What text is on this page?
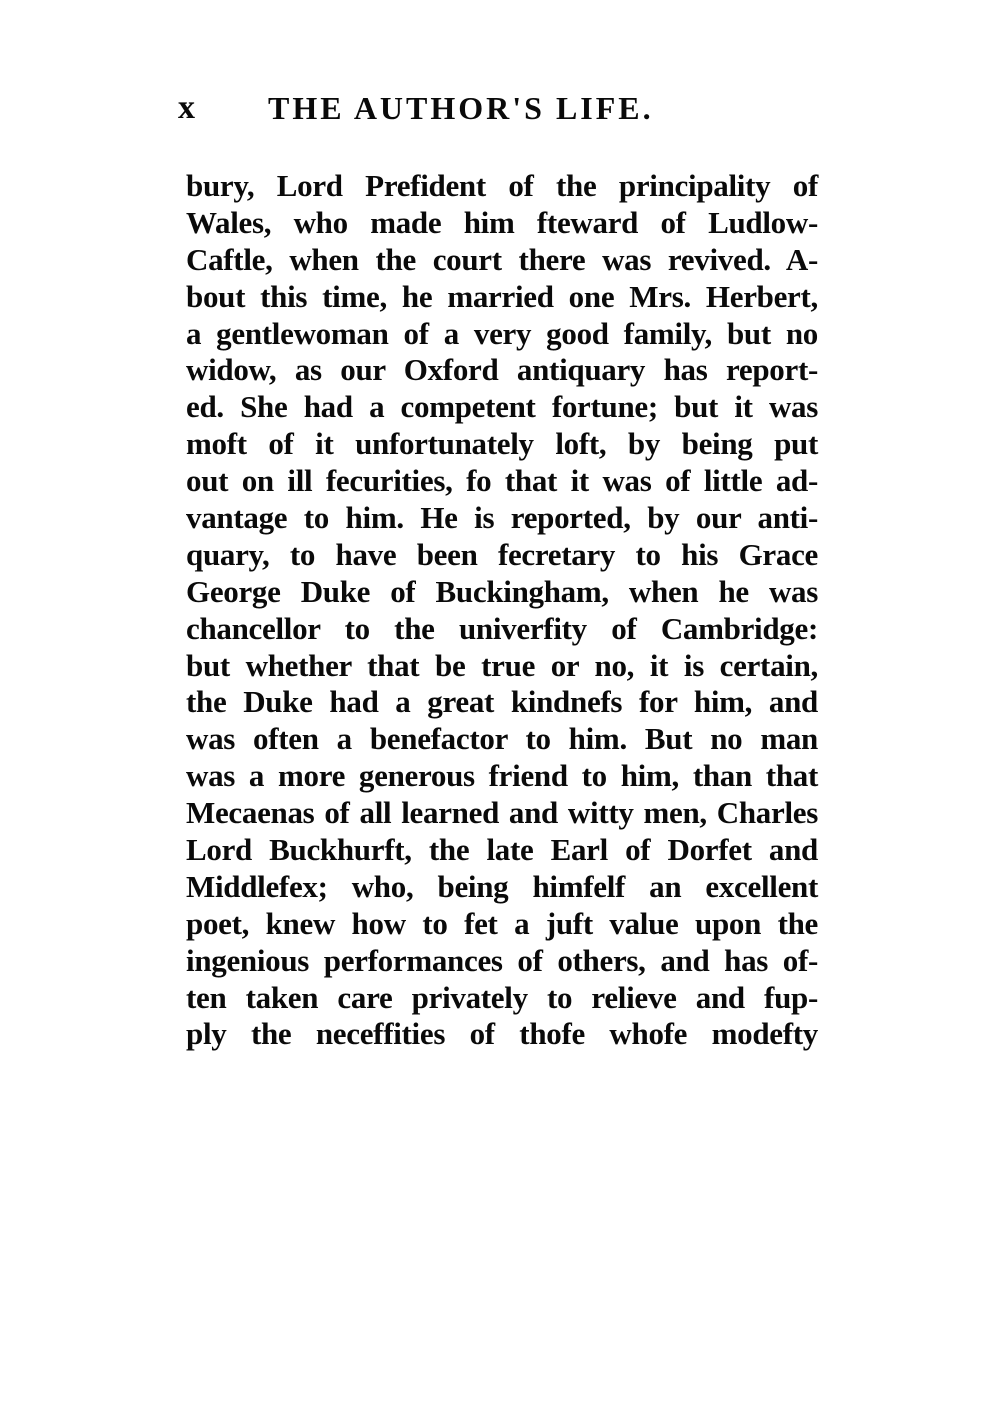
x THE AUTHOR'S LIFE.
bury, Lord Prefident of the principality of
Wales, who made him fteward of Ludlow-
Caftle, when the court there was revived. A-
bout this time, he married one Mrs. Herbert,
a gentlewoman of a very good family, but no
widow, as our Oxford antiquary has report-
ed. She had a competent fortune; but it was
moft of it unfortunately loft, by being put
out on ill fecurities, fo that it was of little ad-
vantage to him. He is reported, by our anti-
quary, to have been fecretary to his Grace
George Duke of Buckingham, when he was
chancellor to the univerfity of Cambridge:
but whether that be true or no, it is certain,
the Duke had a great kindnefs for him, and
was often a benefactor to him. But no man
was a more generous friend to him, than that
Mecaenas of all learned and witty men, Charles
Lord Buckhurft, the late Earl of Dorfet and
Middlefex; who, being himfelf an excellent
poet, knew how to fet a juft value upon the
ingenious performances of others, and has of-
ten taken care privately to relieve and fup-
ply the neceffities of thofe whofe modefty
